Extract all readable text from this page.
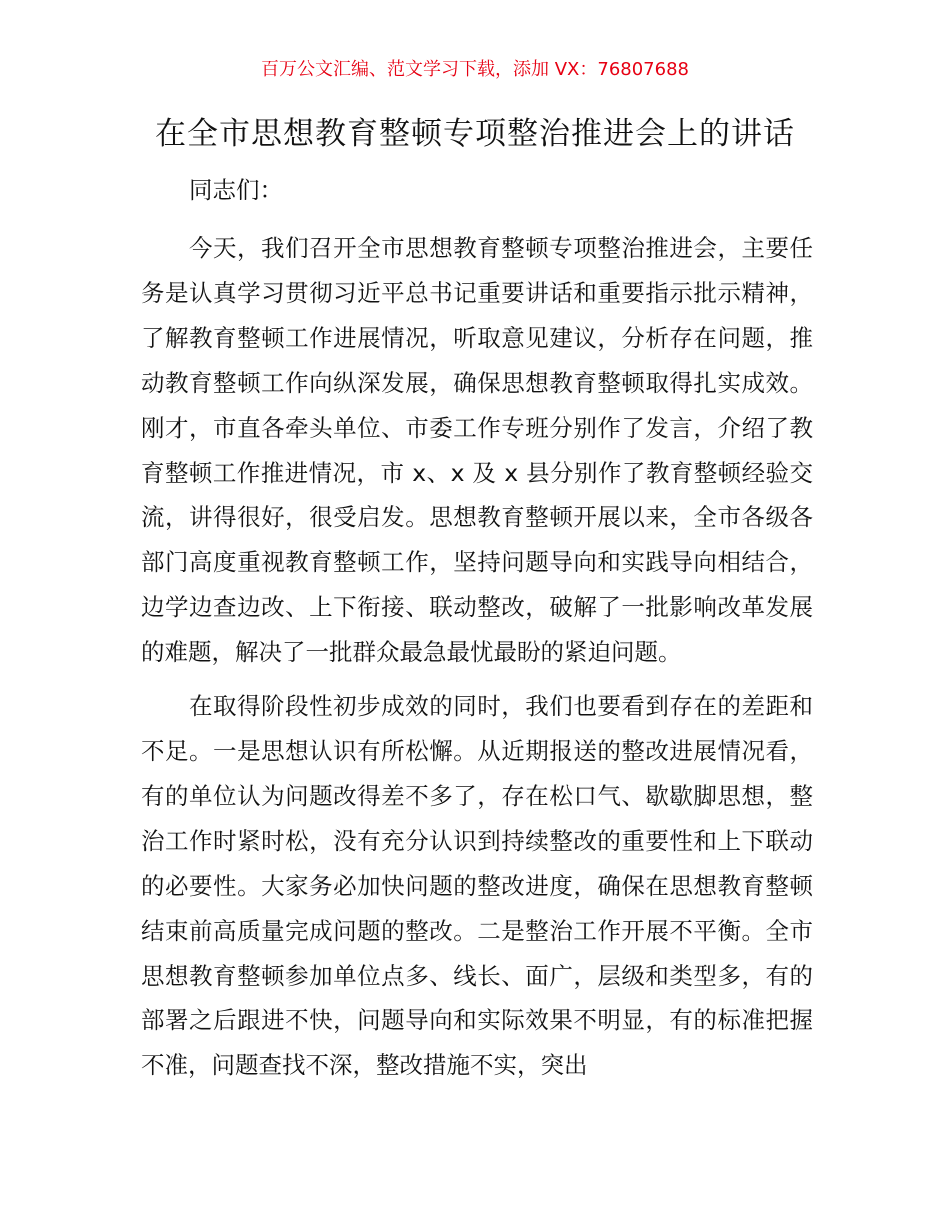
百万公文汇编、范文学习下载，添加 VX：76807688
在全市思想教育整顿专项整治推进会上的讲话

同志们：

今天，我们召开全市思想教育整顿专项整治推进会，主要任务是认真学习贯彻习近平总书记重要讲话和重要指示批示精神，了解教育整顿工作进展情况，听取意见建议，分析存在问题，推动教育整顿工作向纵深发展，确保思想教育整顿取得扎实成效。刚才，市直各牵头单位、市委工作专班分别作了发言，介绍了教育整顿工作推进情况，市 x、x 及 x 县分别作了教育整顿经验交流，讲得很好，很受启发。思想教育整顿开展以来，全市各级各部门高度重视教育整顿工作，坚持问题导向和实践导向相结合，边学边查边改、上下衔接、联动整改，破解了一批影响改革发展的难题，解决了一批群众最急最忧最盼的紧迫问题。

在取得阶段性初步成效的同时，我们也要看到存在的差距和不足。一是思想认识有所松懈。从近期报送的整改进展情况看，有的单位认为问题改得差不多了，存在松口气、歇歇脚思想，整治工作时紧时松，没有充分认识到持续整改的重要性和上下联动的必要性。大家务必加快问题的整改进度，确保在思想教育整顿结束前高质量完成问题的整改。二是整治工作开展不平衡。全市思想教育整顿参加单位点多、线长、面广，层级和类型多，有的部署之后跟进不快，问题导向和实际效果不明显，有的标准把握不准，问题查找不深，整改措施不实，突出
